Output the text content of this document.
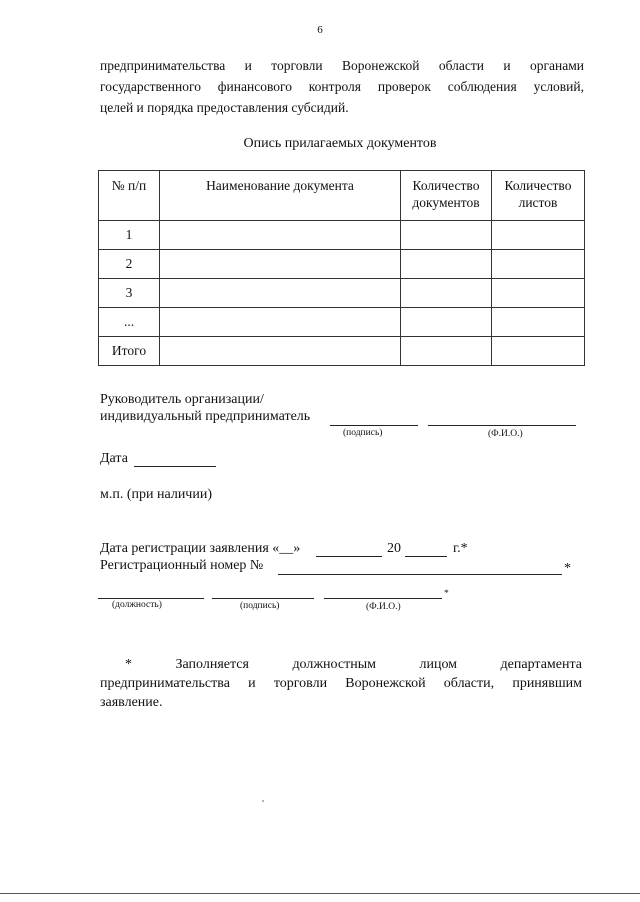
6
предпринимательства и торговли Воронежской области и органами
государственного финансового контроля проверок соблюдения условий,
целей и порядка предоставления субсидий.
Опись прилагаемых документов
№ п/п	Наименование документа	Количество документов	Количество листов
1			
2			
3			
...			
Итого			
Руководитель организации/
индивидуальный предприниматель
(подпись)	(Ф.И.О.)
Дата
м.п. (при наличии)
Дата регистрации заявления «__»	20	г.*
Регистрационный номер №	*
*
(должность)	(подпись)	(Ф.И.О.)
*	Заполняется	должностным	лицом	департамента
предпринимательства и торговли Воронежской области, принявшим
заявление.
